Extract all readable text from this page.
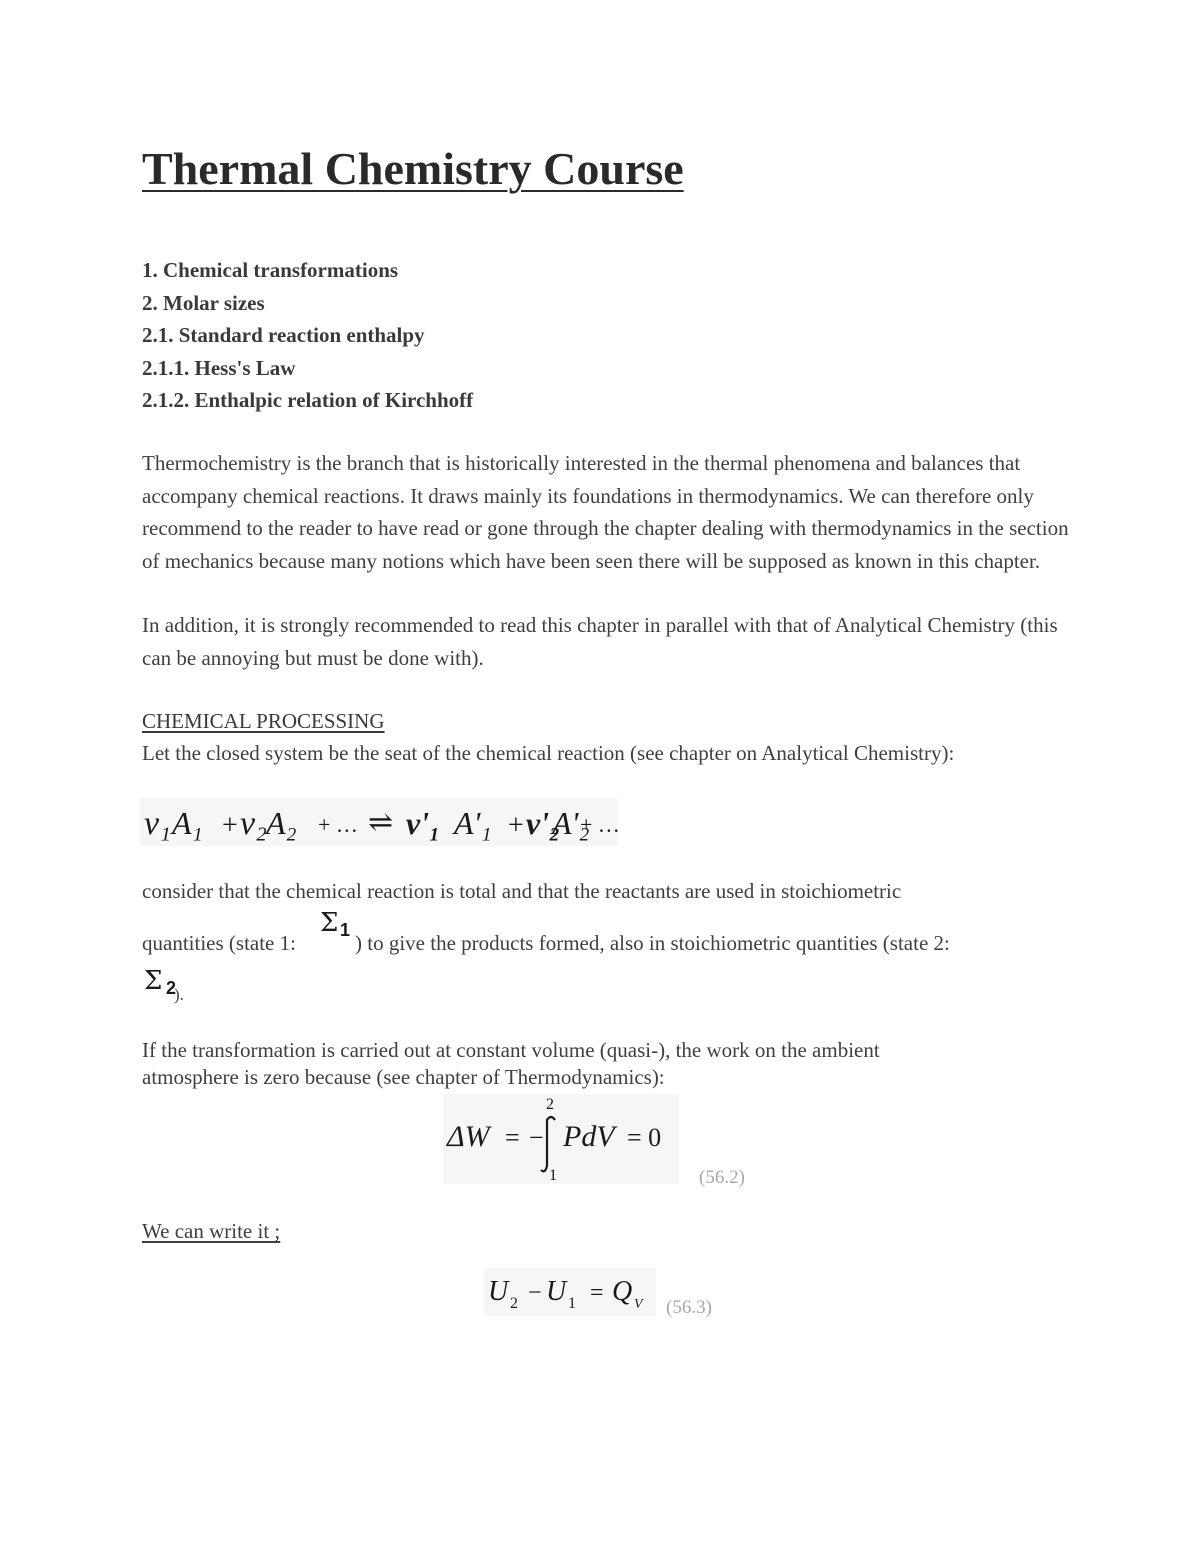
Thermal Chemistry Course
1. Chemical transformations
2. Molar sizes
2.1. Standard reaction enthalpy
2.1.1. Hess's Law
2.1.2. Enthalpic relation of Kirchhoff

Thermochemistry is the branch that is historically interested in the thermal phenomena and balances that accompany chemical reactions. It draws mainly its foundations in thermodynamics. We can therefore only recommend to the reader to have read or gone through the chapter dealing with thermodynamics in the section of mechanics because many notions which have been seen there will be supposed as known in this chapter.

In addition, it is strongly recommended to read this chapter in parallel with that of Analytical Chemistry (this can be annoying but must be done with).

CHEMICAL PROCESSING
Let the closed system be the seat of the chemical reaction (see chapter on Analytical Chemistry):
ν₁ A₁ + ν₂ A₂ + … ⇌ ν'₁ A'₁ + ν'₂
A'₂
+ …
consider that the chemical reaction is total and that the reactants are used in stoichiometric
quantities (state 1:
Σ 1
) to give the products formed, also in stoichiometric quantities (state 2:
Σ 2
).
If the transformation is carried out at constant volume (quasi-), the work on the ambient
atmosphere is zero because (see chapter of Thermodynamics):
ΔW = −
2
1
PdV = 0
(56.2)
We can write it ;
U 2 − U 1 = Q V (56.3)
